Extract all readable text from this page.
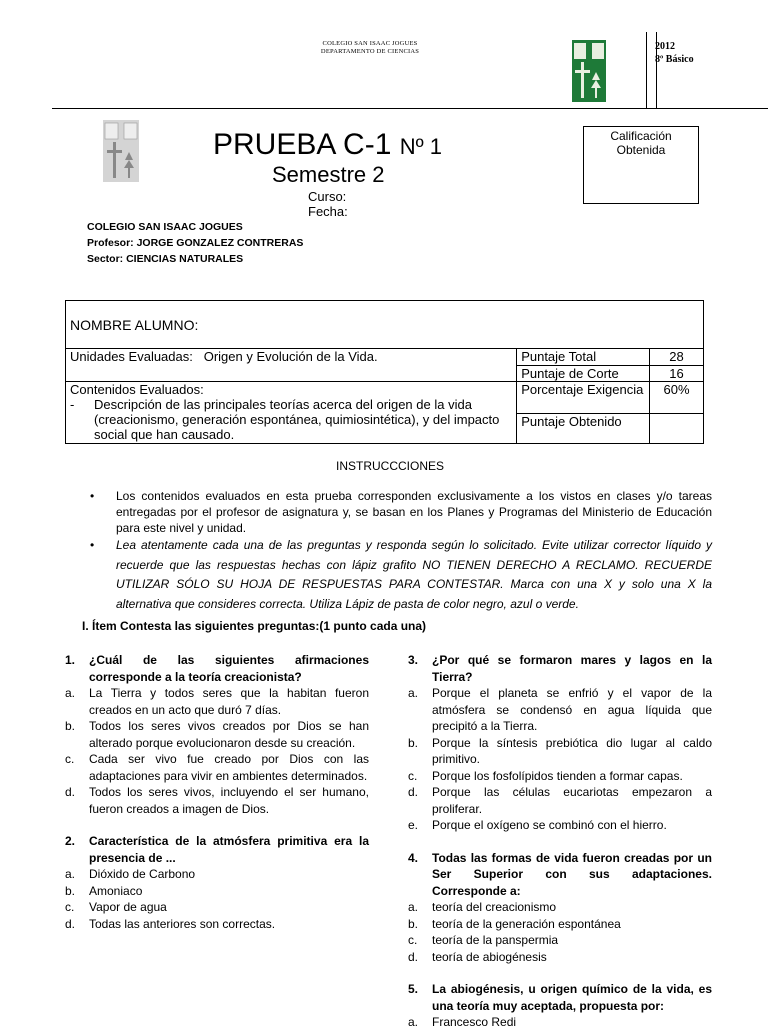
COLEGIO SAN ISAAC JOGUES
DEPARTAMENTO DE CIENCIAS	2012
8º Básico
PRUEBA C-1 Nº 1
Semestre 2
Curso:
Fecha:
Calificación
Obtenida
COLEGIO SAN ISAAC JOGUES
Profesor: JORGE GONZALEZ CONTRERAS
Sector: CIENCIAS NATURALES
NOMBRE ALUMNO:		
Unidades Evaluadas: Origen y Evolución de la Vida.	Puntaje Total	28
	Puntaje de Corte	16

Contenidos Evaluados:
- Descripción de las principales teorías acerca del origen de la vida (creacionismo, generación espontánea, quimiosintética), y del impacto social que han causado.	Porcentaje Exigencia	60%
	Puntaje Obtenido	
INSTRUCCCIONES
•	Los contenidos evaluados en esta prueba corresponden exclusivamente a los vistos en clases y/o tareas entregadas por el profesor de asignatura y, se basan en los Planes y Programas del Ministerio de Educación para este nivel y unidad.
•	Lea atentamente cada una de las preguntas y responda según lo solicitado. Evite utilizar corrector líquido y recuerde que las respuestas hechas con lápiz grafito NO TIENEN DERECHO A RECLAMO. RECUERDE UTILIZAR SÓLO SU HOJA DE RESPUESTAS PARA CONTESTAR. Marca con una X y solo una X la alternativa que consideres correcta. Utiliza Lápiz de pasta de color negro, azul o verde.
I. Ítem Contesta las siguientes preguntas:(1 punto cada una)
1.	¿Cuál de las siguientes afirmaciones corresponde a la teoría creacionista?
a.	La Tierra y todos seres que la habitan fueron creados en un acto que duró 7 días.
b.	Todos los seres vivos creados por Dios se han alterado porque evolucionaron desde su creación.
c.	Cada ser vivo fue creado por Dios con las adaptaciones para vivir en ambientes determinados.
d.	Todos los seres vivos, incluyendo el ser humano, fueron creados a imagen de Dios.
2.	Característica de la atmósfera primitiva era la presencia de ...
a.	Dióxido de Carbono
b.	Amoniaco
c.	Vapor de agua
d.	Todas las anteriores son correctas.
3.	¿Por qué se formaron mares y lagos en la Tierra?
a.	Porque el planeta se enfrió y el vapor de la atmósfera se condensó en agua líquida que precipitó a la Tierra.
b.	Porque la síntesis prebiótica dio lugar al caldo primitivo.
c.	Porque los fosfolípidos tienden a formar capas.
d.	Porque las células eucariotas empezaron a proliferar.
e.	Porque el oxígeno se combinó con el hierro.
4.	Todas las formas de vida fueron creadas por un Ser Superior con sus adaptaciones. Corresponde a:
a.	teoría del creacionismo
b.	teoría de la generación espontánea
c.	teoría de la panspermia
d.	teoría de abiogénesis
5.	La abiogénesis, u origen químico de la vida, es una teoría muy aceptada, propuesta por:
a.	Francesco Redi
